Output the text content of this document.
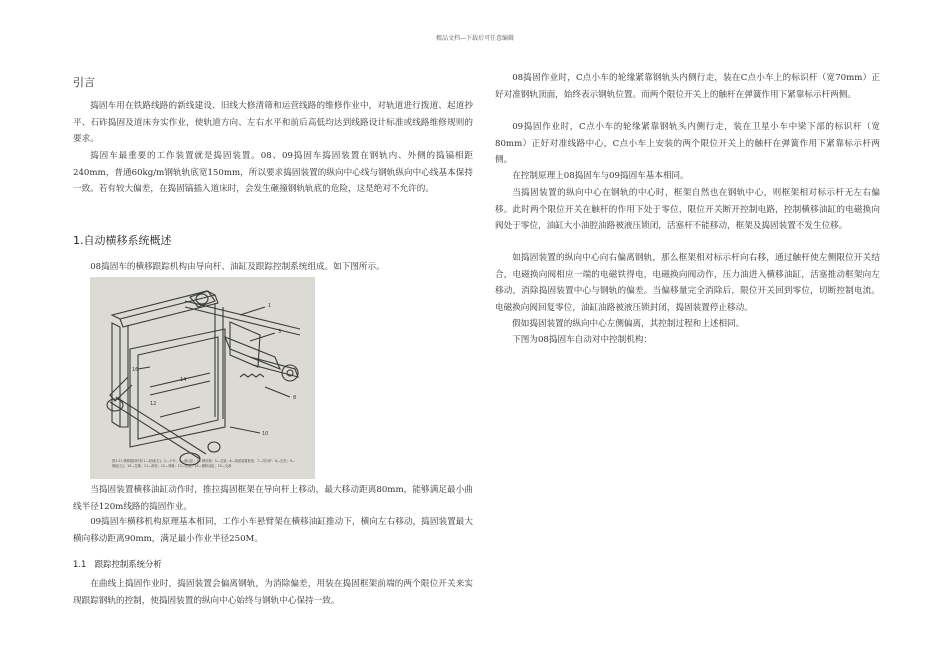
精品文档---下载后可任意编辑
引言

捣固车用在铁路线路的新线建设、旧线大修清筛和运营线路的维修作业中，对轨道进行拨道、起道抄平、石砟捣固及道床夯实作业，使轨道方向、左右水平和前后高低均达到线路设计标准或线路维修规则的要求。

捣固车最重要的工作装置就是捣固装置。08、09捣固车捣固装置在钢轨内、外侧的捣镐相距240mm，普通60kg/m钢轨轨底宽150mm，所以要求捣固装置的纵向中心线与钢轨纵向中心线基本保持一致。若有较大偏差，在捣固镐插入道床时，会发生砸撞钢轨轨底的危险，这是绝对不允许的。

1.自动横移系统概述

08捣固车的横移跟踪机构由导向杆、油缸及跟踪控制系统组成。如下图所示。

1
3
8
10
16
14
12
图3-21 横移跟踪机构 1—轮轴(右)；2—小车；3—液压缸；4—钢丝绳；5—支架；6—捣固装置框架；7—导向杆；8—拉杆；9—侧板(左)；10—拉簧；11—滚轮；12—弹簧；13—托架；14—横移油缸；15—支承

当捣固装置横移油缸动作时，推拉捣固框架在导向杆上移动，最大移动距离80mm，能够满足最小曲线半径120m线路的捣固作业。

09捣固车横移机构原理基本相同，工作小车悬臂架在横移油缸推动下，横向左右移动，捣固装置最大横向移动距离90mm，满足最小作业半径250M。

1.1　跟踪控制系统分析

在曲线上捣固作业时，捣固装置会偏离钢轨，为消除偏差，用装在捣固框架前端的两个限位开关来实现跟踪钢轨的控制，使捣固装置的纵向中心始终与钢轨中心保持一致。

08捣固作业时，C点小车的轮缘紧靠钢轨头内侧行走，装在C点小车上的标识杆（宽70mm）正好对准钢轨顶面，始终表示钢轨位置。而两个限位开关上的触杆在弹簧作用下紧靠标示杆两侧。

09捣固作业时，C点小车的轮缘紧靠钢轨头内侧行走，装在卫星小车中梁下部的标识杆（宽80mm）正好对准线路中心，C点小车上安装的两个限位开关上的触杆在弹簧作用下紧靠标示杆两侧。

在控制原理上08捣固车与09捣固车基本相同。

当捣固装置的纵向中心在钢轨的中心时，框架自然也在钢轨中心，则框架相对标示杆无左右偏移。此时两个限位开关在触杆的作用下处于零位，限位开关断开控制电路，控制横移油缸的电磁换向阀处于零位，油缸大小油腔油路被液压锁闭，活塞杆不能移动，框架及捣固装置不发生位移。

如捣固装置的纵向中心向右偏离钢轨，那么框架相对标示杆向右移，通过触杆使左侧限位开关结合，电磁换向阀相应一端的电磁铁得电，电磁换向阀动作，压力油进入横移油缸，活塞推动框架向左移动，消除捣固装置中心与钢轨的偏差。当偏移量完全消除后，限位开关回到零位，切断控制电流。电磁换向阀回复零位，油缸油路被液压锁封闭，捣固装置停止移动。

假如捣固装置的纵向中心左侧偏离，其控制过程和上述相同。

下图为08捣固车自动对中控制机构：
